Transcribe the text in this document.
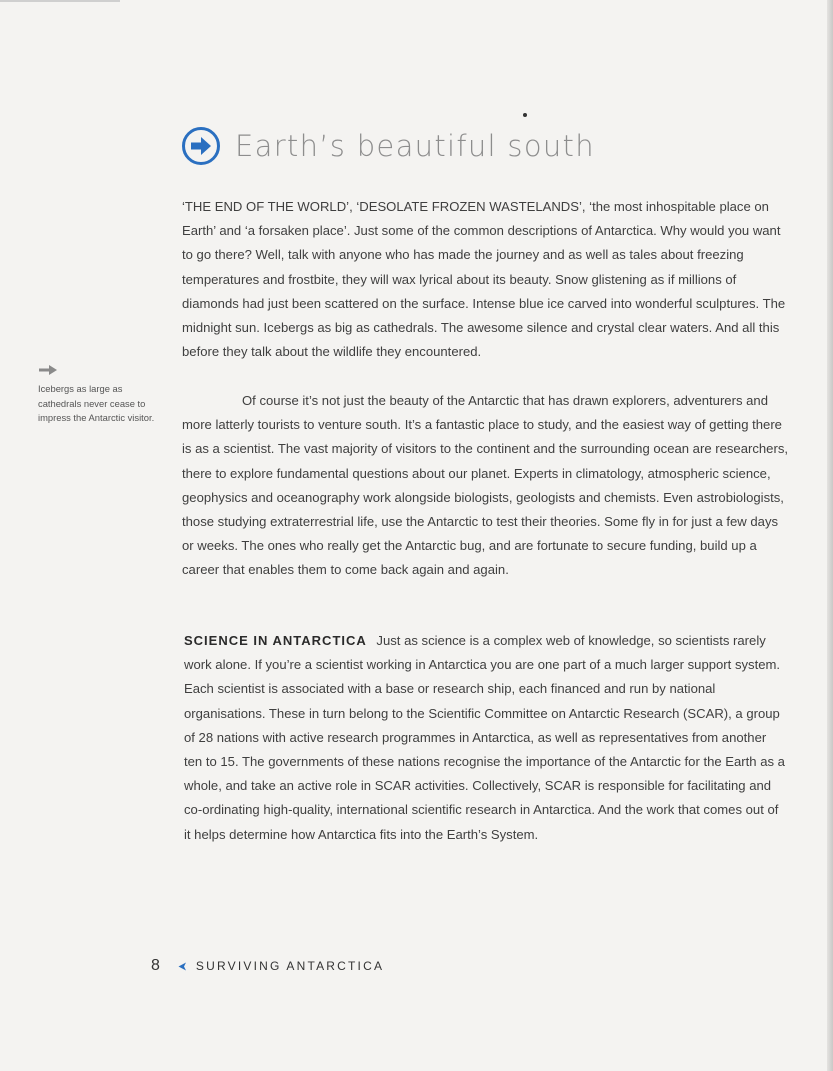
Earth’s beautiful south

‘THE END OF THE WORLD’, ‘DESOLATE FROZEN WASTELANDS’, ‘the most inhospitable place on Earth’ and ‘a forsaken place’. Just some of the common descriptions of Antarctica. Why would you want to go there? Well, talk with anyone who has made the journey and as well as tales about freezing temperatures and frostbite, they will wax lyrical about its beauty. Snow glistening as if millions of diamonds had just been scattered on the surface. Intense blue ice carved into wonderful sculptures. The midnight sun. Icebergs as big as cathedrals. The awesome silence and crystal clear waters. And all this before they talk about the wildlife they encountered.

Icebergs as large as cathedrals never cease to impress the Antarctic visitor.

Of course it’s not just the beauty of the Antarctic that has drawn explorers, adventurers and more latterly tourists to venture south. It’s a fantastic place to study, and the easiest way of getting there is as a scientist. The vast majority of visitors to the continent and the surrounding ocean are researchers, there to explore fundamental questions about our planet. Experts in climatology, atmospheric science, geophysics and oceanography work alongside biologists, geologists and chemists. Even astrobiologists, those studying extraterrestrial life, use the Antarctic to test their theories. Some fly in for just a few days or weeks. The ones who really get the Antarctic bug, and are fortunate to secure funding, build up a career that enables them to come back again and again.

SCIENCE IN ANTARCTICA Just as science is a complex web of knowledge, so scientists rarely work alone. If you’re a scientist working in Antarctica you are one part of a much larger support system. Each scientist is associated with a base or research ship, each financed and run by national organisations. These in turn belong to the Scientific Committee on Antarctic Research (SCAR), a group of 28 nations with active research programmes in Antarctica, as well as representatives from another ten to 15. The governments of these nations recognise the importance of the Antarctic for the Earth as a whole, and take an active role in SCAR activities. Collectively, SCAR is responsible for facilitating and co-ordinating high-quality, international scientific research in Antarctica. And the work that comes out of it helps determine how Antarctica fits into the Earth’s System.

8	SURVIVING ANTARCTICA
